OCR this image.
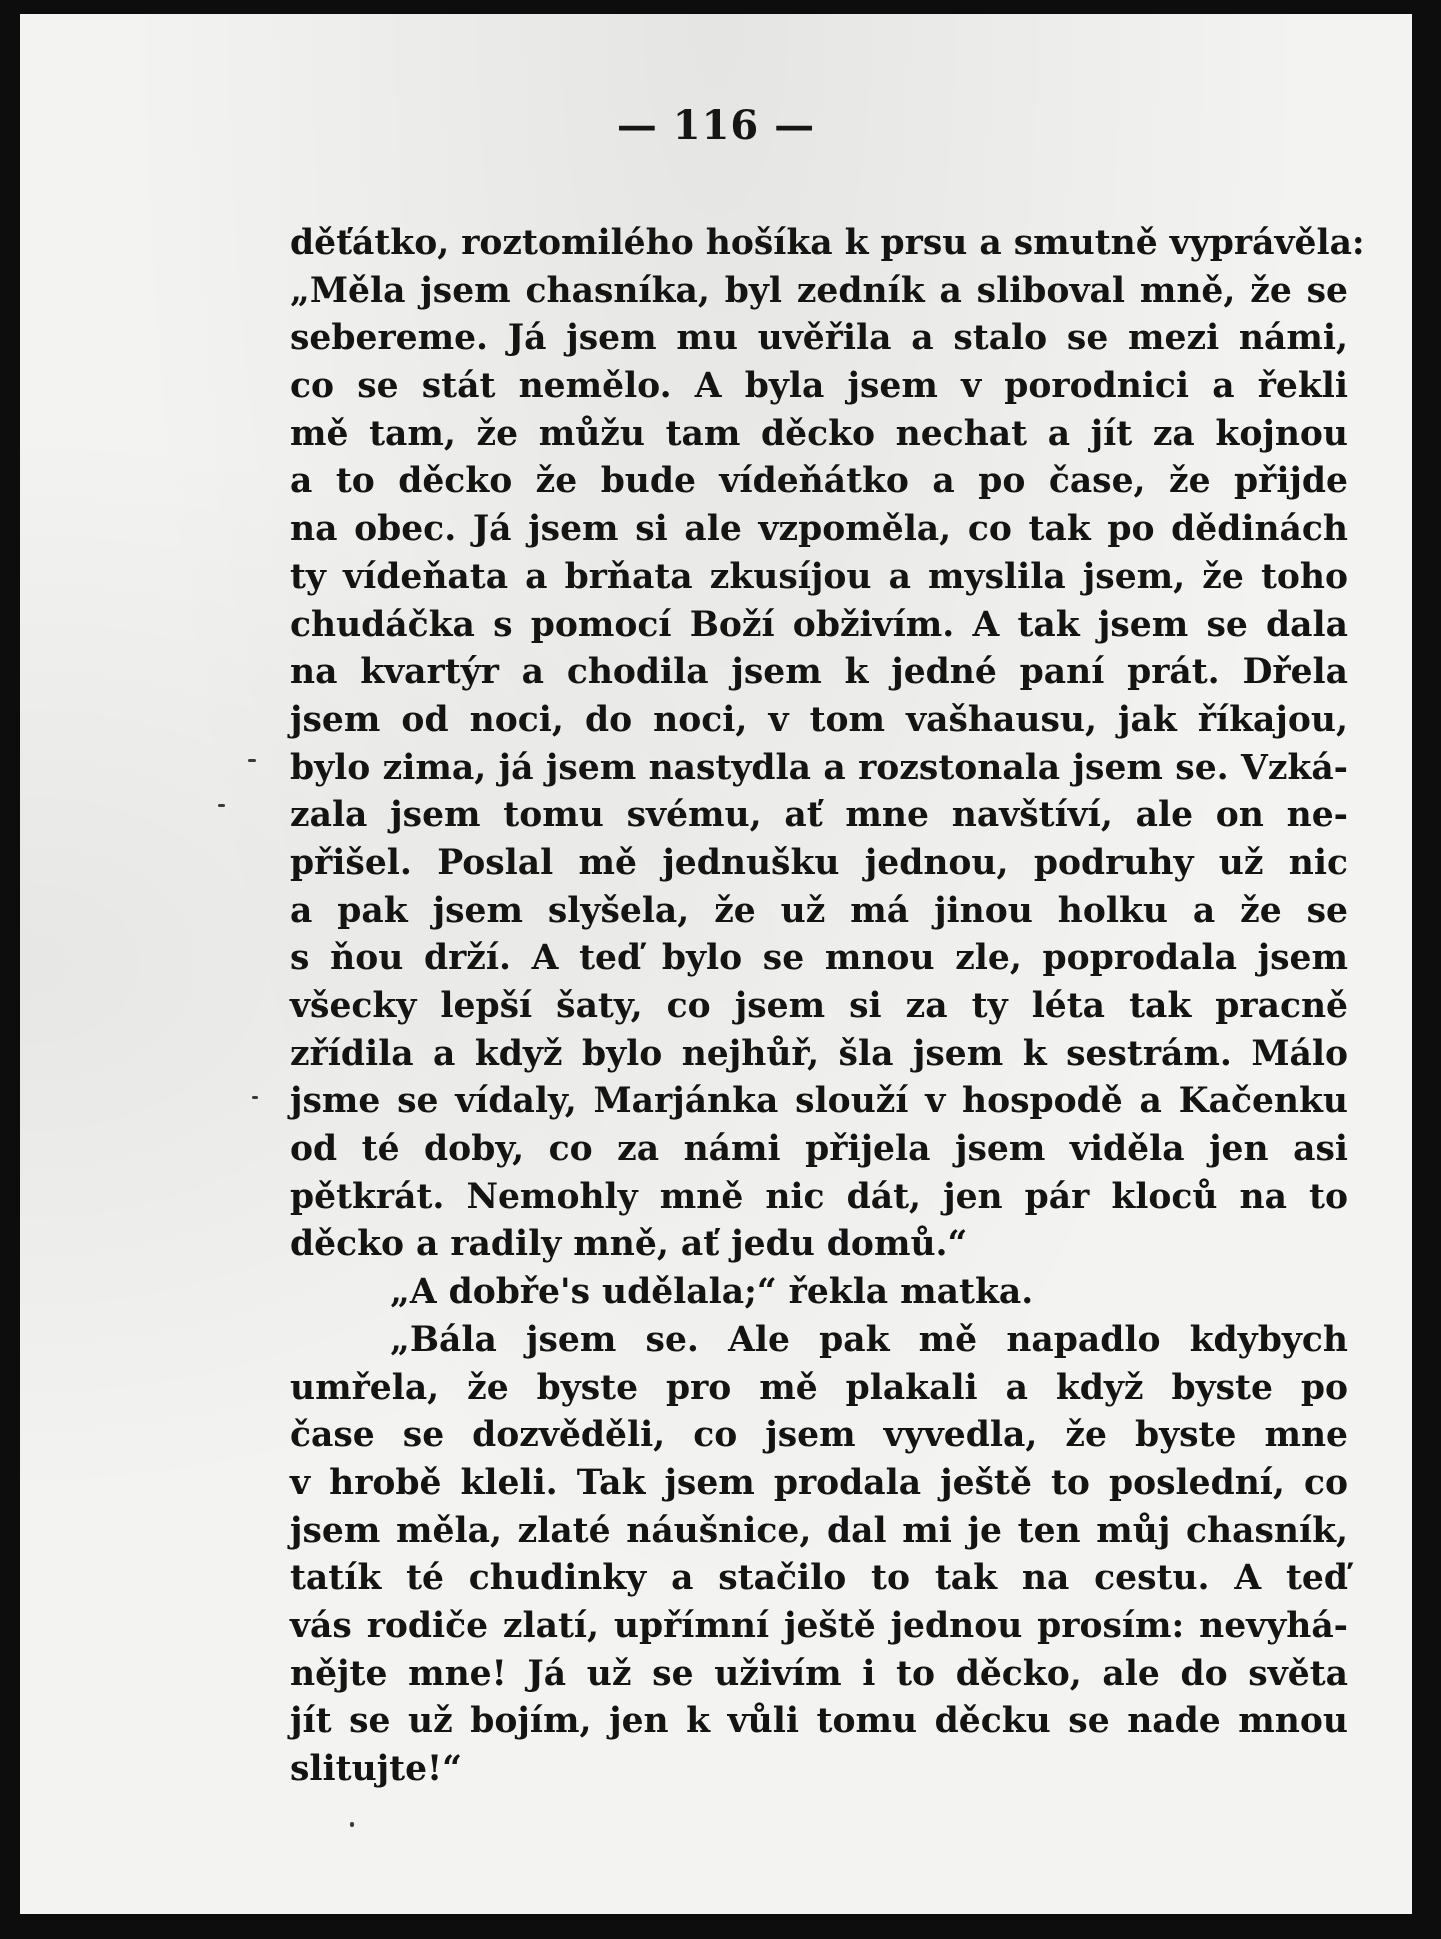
— 116 —
děťátko, roztomilého hošíka k prsu a smutně vyprávěla:
„Měla jsem chasníka, byl zedník a sliboval mně, že se
sebereme. Já jsem mu uvěřila a stalo se mezi námi,
co se stát nemělo. A byla jsem v porodnici a řekli
mě tam, že můžu tam děcko nechat a jít za kojnou
a to děcko že bude vídeňátko a po čase, že přijde
na obec. Já jsem si ale vzpoměla, co tak po dědinách
ty vídeňata a brňata zkusíjou a myslila jsem, že toho
chudáčka s pomocí Boží obživím. A tak jsem se dala
na kvartýr a chodila jsem k jedné paní prát. Dřela
jsem od noci, do noci, v tom vašhausu, jak říkajou,
bylo zima, já jsem nastydla a rozstonala jsem se. Vzká-
zala jsem tomu svému, ať mne navštíví, ale on ne-
přišel. Poslal mě jednušku jednou, podruhy už nic
a pak jsem slyšela, že už má jinou holku a že se
s ňou drží. A teď bylo se mnou zle, poprodala jsem
všecky lepší šaty, co jsem si za ty léta tak pracně
zřídila a když bylo nejhůř, šla jsem k sestrám. Málo
jsme se vídaly, Marjánka slouží v hospodě a Kačenku
od té doby, co za námi přijela jsem viděla jen asi
pětkrát. Nemohly mně nic dát, jen pár kloců na to
děcko a radily mně, ať jedu domů.“
„A dobře's udělala;“ řekla matka.
„Bála jsem se. Ale pak mě napadlo kdybych
umřela, že byste pro mě plakali a když byste po
čase se dozvěděli, co jsem vyvedla, že byste mne
v hrobě kleli. Tak jsem prodala ještě to poslední, co
jsem měla, zlaté náušnice, dal mi je ten můj chasník,
tatík té chudinky a stačilo to tak na cestu. A teď
vás rodiče zlatí, upřímní ještě jednou prosím: nevyhá-
nějte mne! Já už se uživím i to děcko, ale do světa
jít se už bojím, jen k vůli tomu děcku se nade mnou
slitujte!“
